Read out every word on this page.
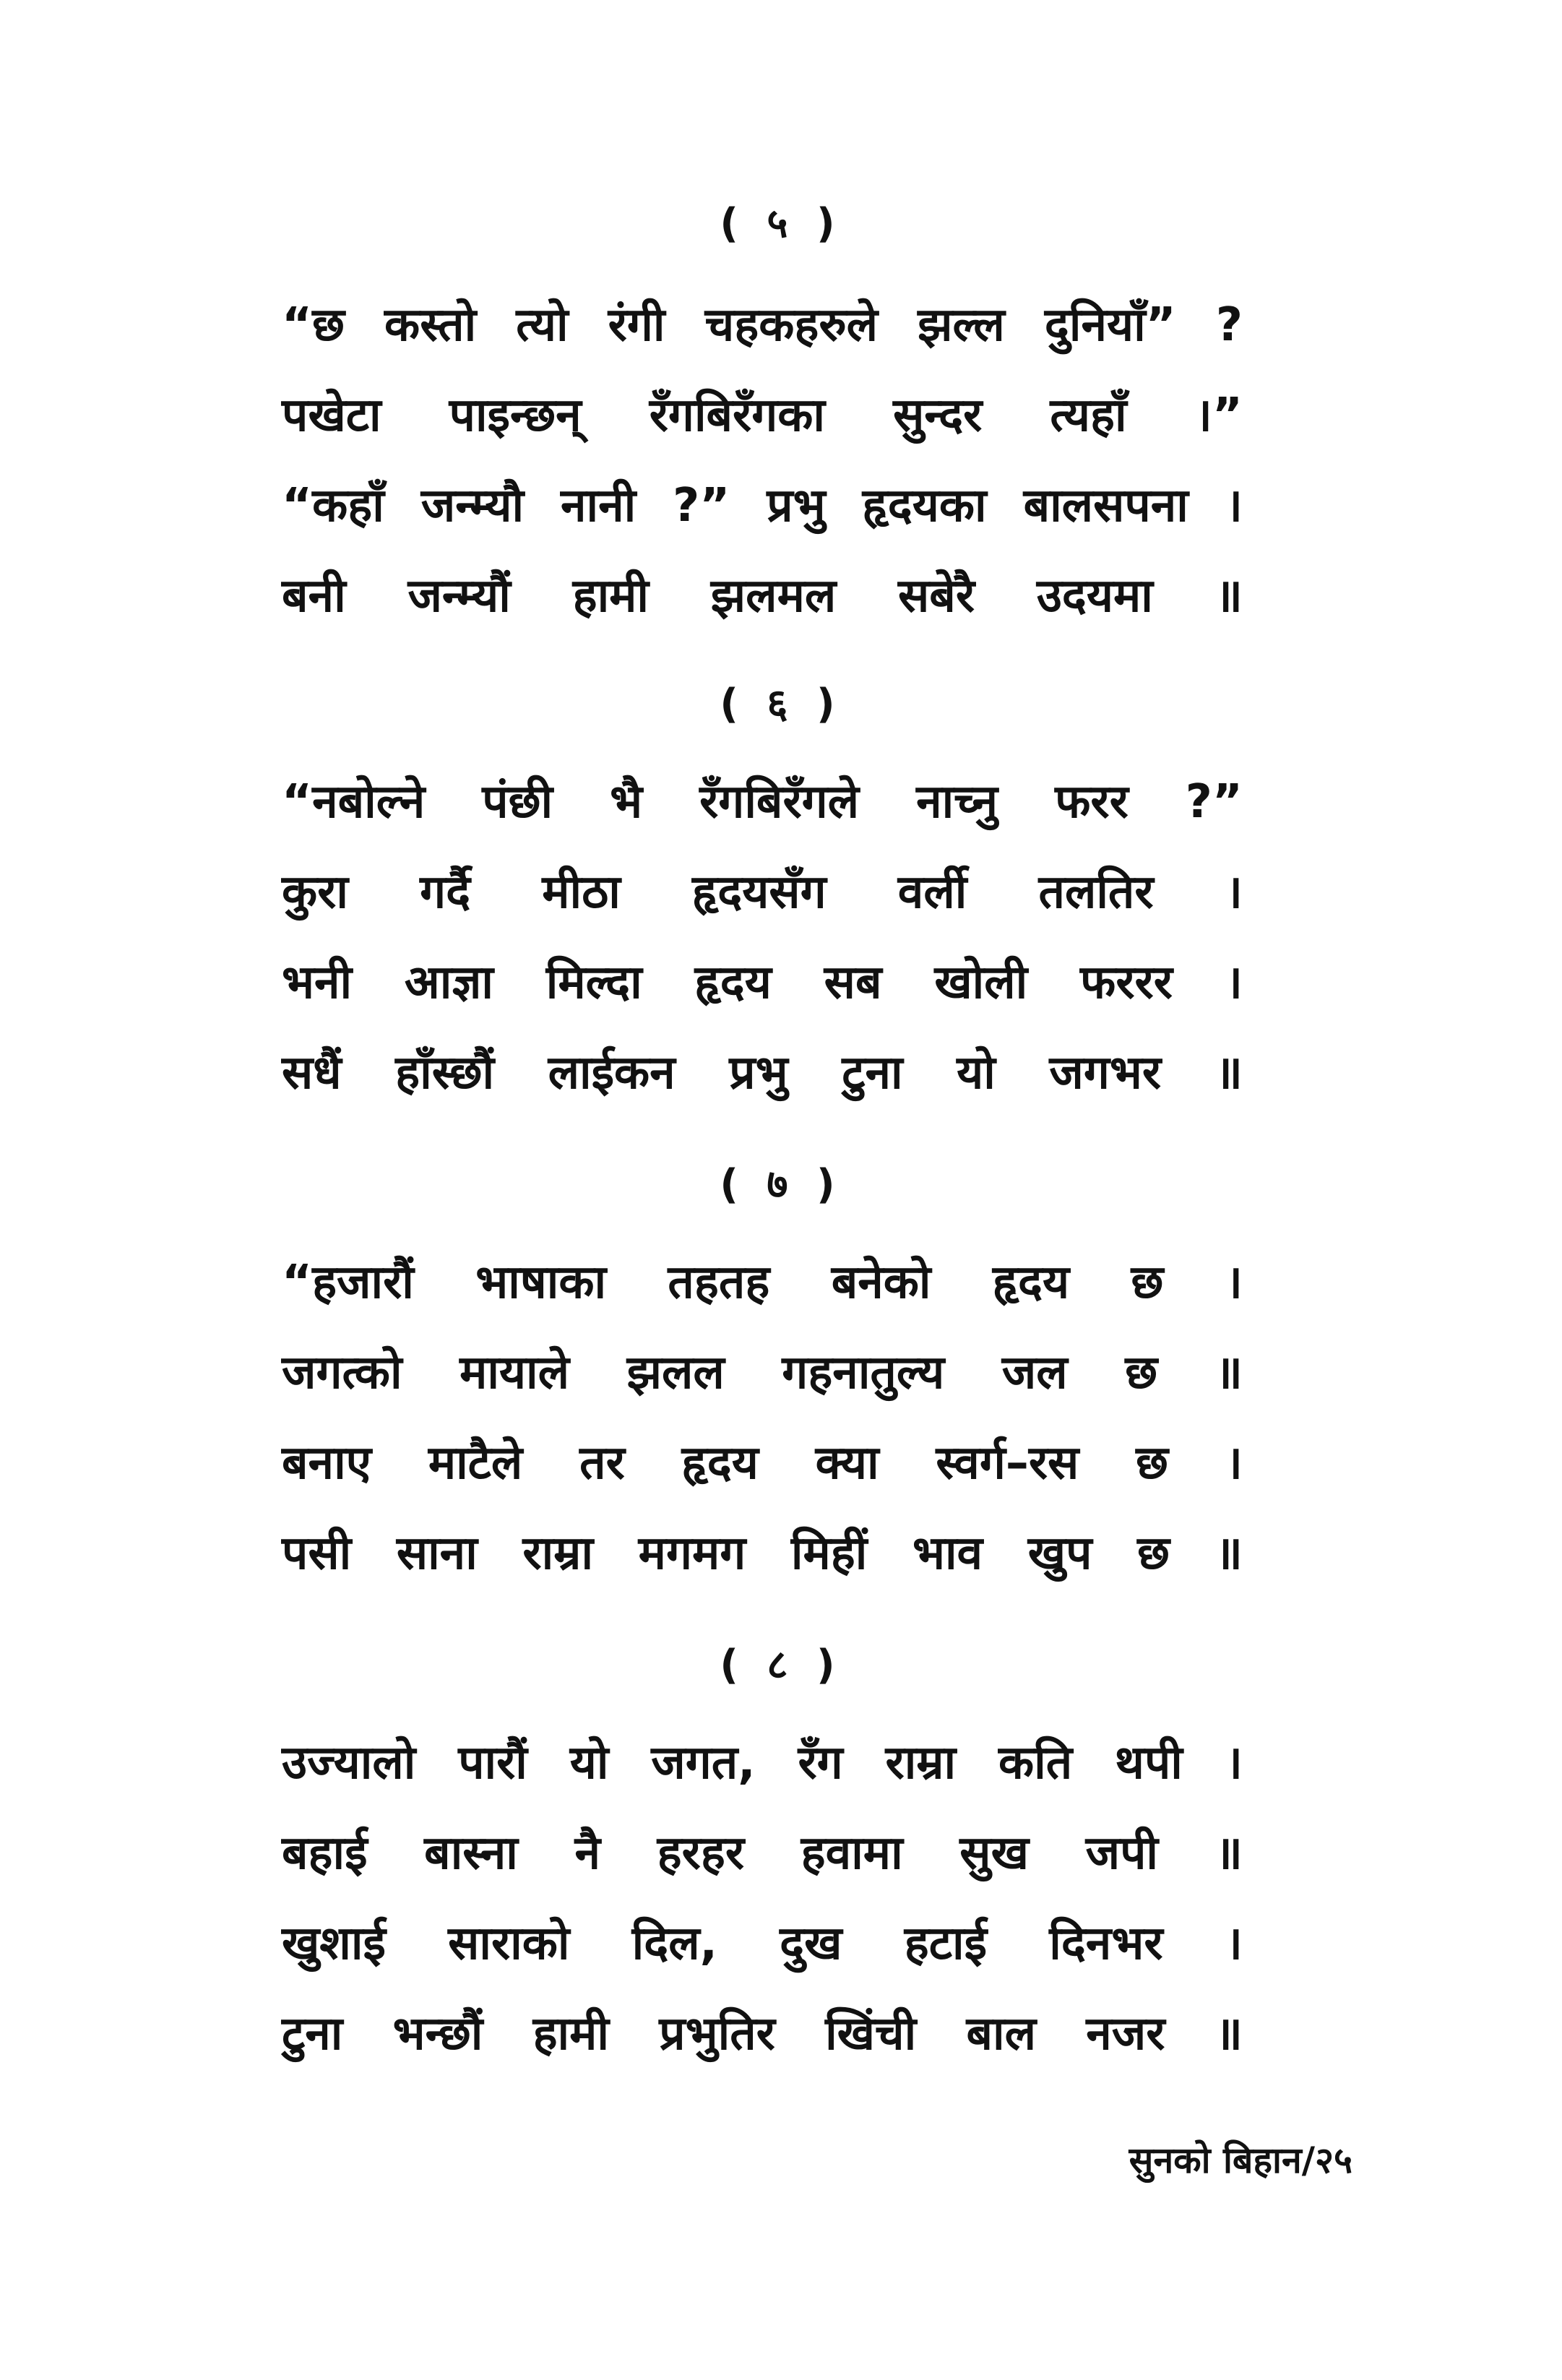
( ५ )
“छ कस्तो त्यो रंगी चहकहरुले झल्ल दुनियाँ” ?
पखेटा पाइन्छन् रँगबिरँगका सुन्दर त्यहाँ ।”
“कहाँ जन्म्यौ नानी ?” प्रभु हृदयका बालसपना ।
बनी जन्म्यौं हामी झलमल सबेरै उदयमा ॥
( ६ )
“नबोल्ने पंछी भै रँगबिरँगले नाच्नु फरर ?”
कुरा गर्दै मीठा हृदयसँग वर्ली तलतिर ।
भनी आज्ञा मिल्दा हृदय सब खोली फररर ।
सधैं हाँस्छौं लाईकन प्रभु टुना यो जगभर ॥
( ७ )
“हजारौं भाषाका तहतह बनेको हृदय छ ।
जगत्को मायाले झलल गहनातुल्य जल छ ॥
बनाए माटैले तर हृदय क्या स्वर्ग–रस छ ।
पसी साना राम्रा मगमग मिहीं भाव खुप छ ॥
( ८ )
उज्यालो पारौं यो जगत, रँग राम्रा कति थपी ।
बहाई बास्ना नै हरहर हवामा सुख जपी ॥
खुशाई साराको दिल, दुख हटाई दिनभर ।
टुना भन्छौं हामी प्रभुतिर खिंची बाल नजर ॥
सुनको बिहान/२५
